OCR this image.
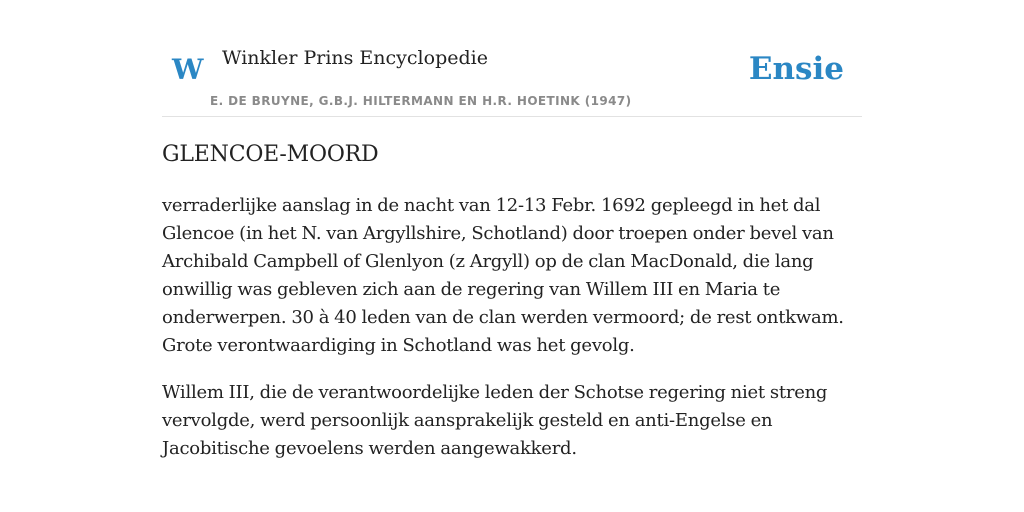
W Winkler Prins Encyclopedie
E. DE BRUYNE, G.B.J. HILTERMANN EN H.R. HOETINK (1947)
Ensie
GLENCOE-MOORD

verraderlijke aanslag in de nacht van 12-13 Febr. 1692 gepleegd in het dal Glencoe (in het N. van Argyllshire, Schotland) door troepen onder bevel van Archibald Campbell of Glenlyon (z Argyll) op de clan MacDonald, die lang onwillig was gebleven zich aan de regering van Willem III en Maria te onderwerpen. 30 à 40 leden van de clan werden vermoord; de rest ontkwam. Grote verontwaardiging in Schotland was het gevolg.

Willem III, die de verantwoordelijke leden der Schotse regering niet streng vervolgde, werd persoonlijk aansprakelijk gesteld en anti-Engelse en Jacobitische gevoelens werden aangewakkerd.
